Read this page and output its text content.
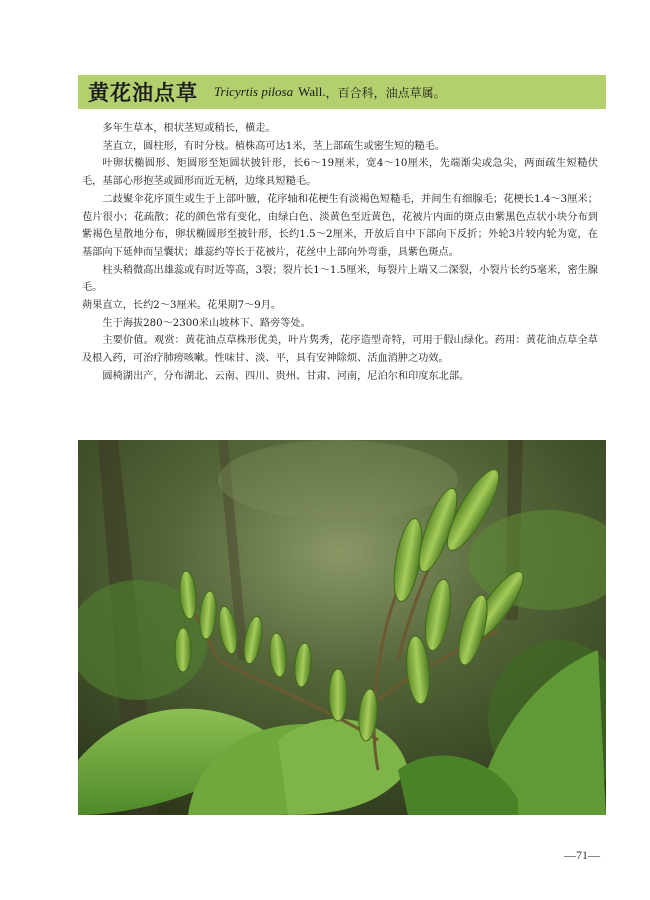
黄花油点草 Tricyrtis pilosa Wall. ，百合科，油点草属。

多年生草本，根状茎短或稍长，横走。

茎直立，圆柱形，有时分枝。植株高可达1米，茎上部疏生或密生短的糙毛。

叶卵状椭圆形、矩圆形至矩圆状披针形，长6～19厘米，宽4～10厘米，先端渐尖或急尖，两面疏生短糙伏毛，基部心形抱茎或圆形而近无柄，边缘具短糙毛。

二歧聚伞花序顶生或生于上部叶腋，花序轴和花梗生有淡褐色短糙毛，并间生有细腺毛；花梗长1.4～3厘米；苞片很小；花疏散；花的颜色常有变化，由绿白色、淡黄色至近黄色，花被片内面的斑点由紫黑色点状小块分布到紫褐色星散地分布，卵状椭圆形至披针形，长约1.5～2厘米，开放后自中下部向下反折；外轮3片较内轮为宽，在基部向下延伸而呈囊状；雄蕊约等长于花被片，花丝中上部向外弯垂，具紫色斑点。

柱头稍微高出雄蕊或有时近等高，3裂；裂片长1～1.5厘米，每裂片上端又二深裂，小裂片长约5毫米，密生腺毛。

蒴果直立，长约2～3厘米。花果期7～9月。

生于海拔280～2300米山坡林下、路旁等处。

主要价值。观赏：黄花油点草株形优美，叶片隽秀，花序造型奇特，可用于假山绿化。药用：黄花油点草全草及根入药，可治疗肺痨咳嗽。性味甘、淡、平，具有安神除烦、活血消肿之功效。

圆椅湖出产，分布湖北、云南、四川、贵州、甘肃、河南，尼泊尔和印度东北部。

—71—
